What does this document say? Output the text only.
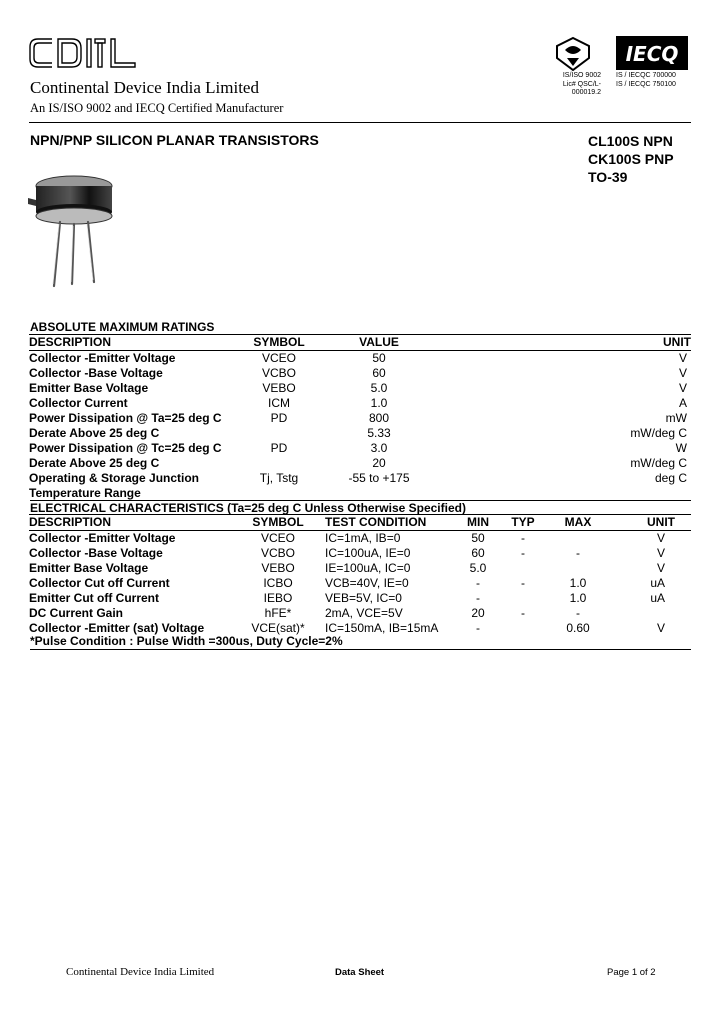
CDIL
Continental Device India Limited
An IS/ISO 9002 and IECQ Certified Manufacturer
IECQ
IS/ISO 9002
Lic# QSC/L- 000019.2
IS / IECQC 700000
IS / IECQC 750100
NPN/PNP SILICON PLANAR TRANSISTORS	CL100S NPN
CK100S PNP
TO-39
ABSOLUTE MAXIMUM RATINGS
DESCRIPTION	SYMBOL	VALUE		UNIT
Collector -Emitter Voltage	VCEO	50		V
Collector -Base Voltage	VCBO	60		V
Emitter Base Voltage	VEBO	5.0		V
Collector Current	ICM	1.0		A
Power Dissipation @ Ta=25 deg C	PD	800		mW
Derate Above 25 deg C		5.33		mW/deg C
Power Dissipation @ Tc=25 deg C	PD	3.0		W
Derate Above 25 deg C		20		mW/deg C
Operating & Storage Junction	Tj, Tstg	-55 to +175		deg C
Temperature Range				
ELECTRICAL CHARACTERISTICS (Ta=25 deg C Unless Otherwise Specified)
DESCRIPTION	SYMBOL	TEST CONDITION	MIN	TYP	MAX	UNIT
Collector -Emitter Voltage	VCEO	IC=1mA, IB=0	50	-		V
Collector -Base Voltage	VCBO	IC=100uA, IE=0	60	-	-	V
Emitter Base Voltage	VEBO	IE=100uA, IC=0	5.0			V
Collector Cut off Current	ICBO	VCB=40V, IE=0	-	-	1.0	uA
Emitter Cut off Current	IEBO	VEB=5V, IC=0	-		1.0	uA
DC Current Gain	hFE*	2mA, VCE=5V	20	-	-	
Collector -Emitter (sat) Voltage	VCE(sat)*	IC=150mA, IB=15mA	-		0.60	V
*Pulse Condition : Pulse Width =300us, Duty Cycle=2%
Continental Device India Limited	Data Sheet	Page 1 of 2
